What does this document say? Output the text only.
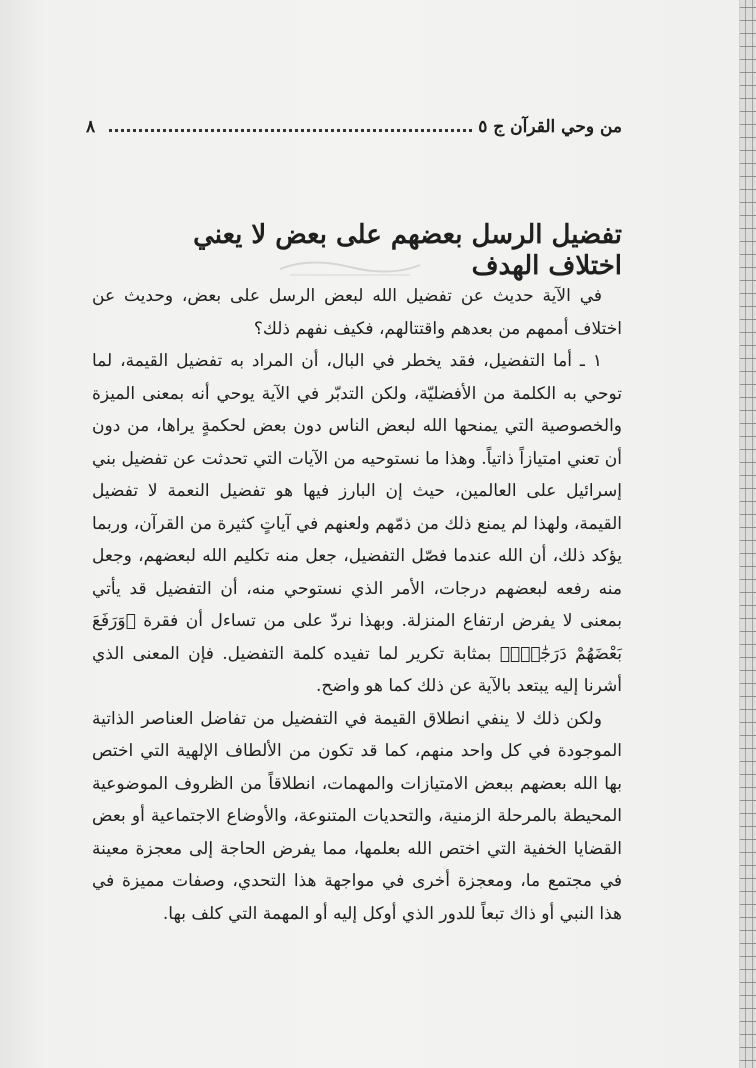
٨	من وحي القرآن ج ٥
تفضيل الرسل بعضهم على بعض لا يعني اختلاف الهدف

في الآية حديث عن تفضيل الله لبعض الرسل على بعض، وحديث عن اختلاف أممهم من بعدهم واقتتالهم، فكيف نفهم ذلك؟

١ ـ أما التفضيل، فقد يخطر في البال، أن المراد به تفضيل القيمة، لما توحي به الكلمة من الأفضليّة، ولكن التدبّر في الآية يوحي أنه بمعنى الميزة والخصوصية التي يمنحها الله لبعض الناس دون بعض لحكمةٍ يراها، من دون أن تعني امتيازاً ذاتياً. وهذا ما نستوحيه من الآيات التي تحدثت عن تفضيل بني إسرائيل على العالمين، حيث إن البارز فيها هو تفضيل النعمة لا تفضيل القيمة، ولهذا لم يمنع ذلك من ذمّهم ولعنهم في آياتٍ كثيرة من القرآن، وربما يؤكد ذلك، أن الله عندما فصّل التفضيل، جعل منه تكليم الله لبعضهم، وجعل منه رفعه لبعضهم درجات، الأمر الذي نستوحي منه، أن التفضيل قد يأتي بمعنى لا يفرض ارتفاع المنزلة. وبهذا نردّ على من تساءل أن فقرة ﴿وَرَفَعَ بَعْضَهُمْ دَرَجَٰتٍۚ﴾ بمثابة تكرير لما تفيده كلمة التفضيل. فإن المعنى الذي أشرنا إليه يبتعد بالآية عن ذلك كما هو واضح.

ولكن ذلك لا ينفي انطلاق القيمة في التفضيل من تفاضل العناصر الذاتية الموجودة في كل واحد منهم، كما قد تكون من الألطاف الإلهية التي اختص بها الله بعضهم ببعض الامتيازات والمهمات، انطلاقاً من الظروف الموضوعية المحيطة بالمرحلة الزمنية، والتحديات المتنوعة، والأوضاع الاجتماعية أو بعض القضايا الخفية التي اختص الله بعلمها، مما يفرض الحاجة إلى معجزة معينة في مجتمع ما، ومعجزة أخرى في مواجهة هذا التحدي، وصفات مميزة في هذا النبي أو ذاك تبعاً للدور الذي أوكل إليه أو المهمة التي كلف بها.
